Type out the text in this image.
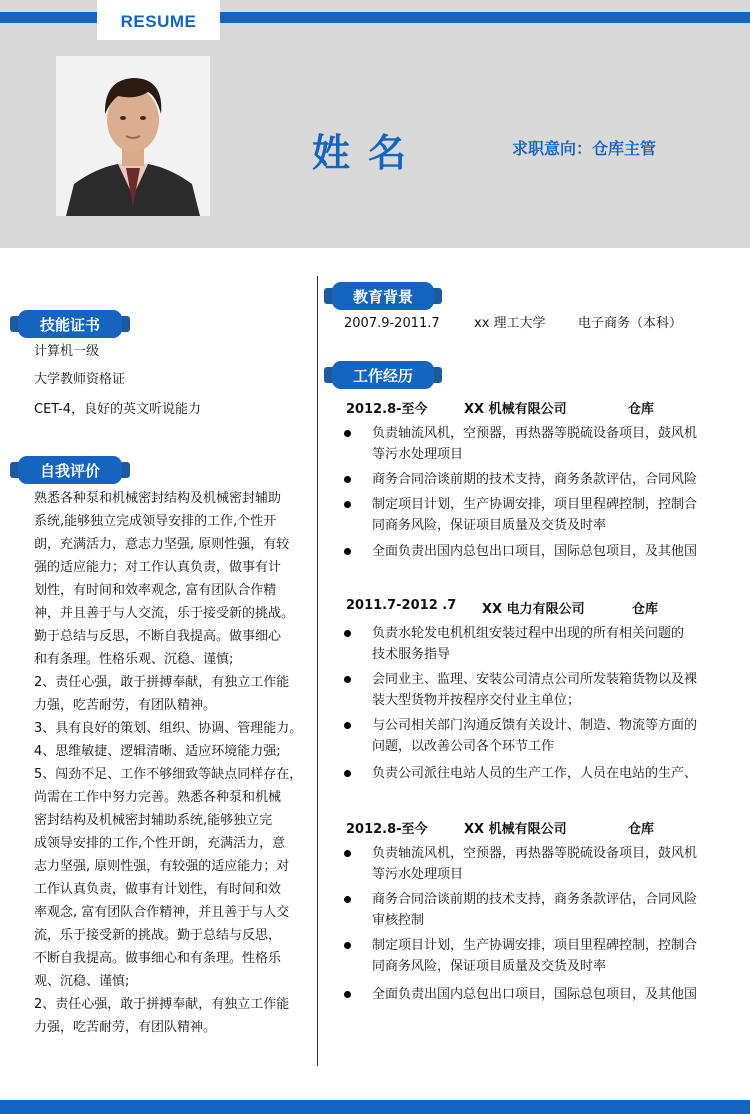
RESUME
姓名	求职意向：仓库主管
技能证书
计算机一级
大学教师资格证
CET-4，良好的英文听说能力
自我评价

熟悉各种泵和机械密封结构及机械密封辅助

系统,能够独立完成领导安排的工作,个性开

朗，充满活力，意志力坚强, 原则性强，有较

强的适应能力；对工作认真负责，做事有计

划性，有时间和效率观念, 富有团队合作精

神，并且善于与人交流，乐于接受新的挑战。

勤于总结与反思，不断自我提高。做事细心

和有条理。性格乐观、沉稳、谨慎;

2、责任心强，敢于拼搏奉献，有独立工作能

力强，吃苦耐劳，有团队精神。

3、具有良好的策划、组织、协调、管理能力。

4、思维敏捷、逻辑清晰、适应环境能力强;

5、闯劲不足、工作不够细致等缺点同样存在，

尚需在工作中努力完善。熟悉各种泵和机械

密封结构及机械密封辅助系统,能够独立完

成领导安排的工作,个性开朗，充满活力，意

志力坚强, 原则性强，有较强的适应能力；对

工作认真负责，做事有计划性，有时间和效

率观念, 富有团队合作精神，并且善于与人交

流，乐于接受新的挑战。勤于总结与反思，

不断自我提高。做事细心和有条理。性格乐

观、沉稳、谨慎;

2、责任心强，敢于拼搏奉献，有独立工作能

力强，吃苦耐劳，有团队精神。

教育背景
2007.9-2011.7	xx 理工大学 电子商务（本科）
工作经历
2012.8-至今	XX 机械有限公司	仓库
负责轴流风机，空预器，再热器等脱硫设备项目，鼓风机
等污水处理项目
商务合同洽谈前期的技术支持，商务条款评估，合同风险
制定项目计划，生产协调安排，项目里程碑控制，控制合
同商务风险，保证项目质量及交货及时率
全面负责出国内总包出口项目，国际总包项目，及其他国
2011.7-2012 .7 XX 电力有限公司	仓库
负责水轮发电机机组安装过程中出现的所有相关问题的
技术服务指导
会同业主、监理、安装公司清点公司所发装箱货物以及裸
装大型货物并按程序交付业主单位；
与公司相关部门沟通反馈有关设计、制造、物流等方面的
问题，以改善公司各个环节工作
负责公司派往电站人员的生产工作，人员在电站的生产、
2012.8-至今	XX 机械有限公司	仓库
负责轴流风机，空预器，再热器等脱硫设备项目，鼓风机
等污水处理项目
商务合同洽谈前期的技术支持，商务条款评估，合同风险
审核控制
制定项目计划，生产协调安排，项目里程碑控制，控制合
同商务风险，保证项目质量及交货及时率
全面负责出国内总包出口项目，国际总包项目，及其他国
